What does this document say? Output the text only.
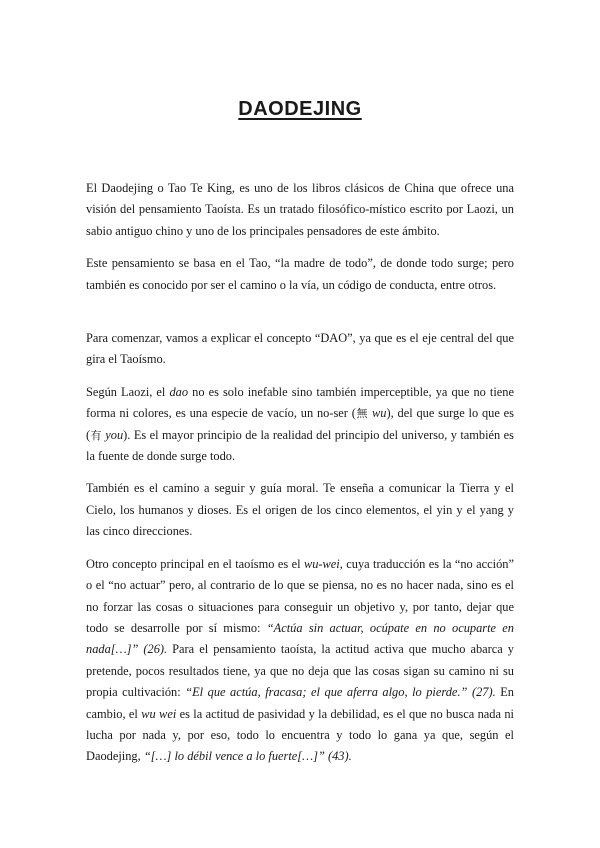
DAODEJING

El Daodejing o Tao Te King, es uno de los libros clásicos de China que ofrece una visión del pensamiento Taoísta. Es un tratado filosófico-místico escrito por Laozi, un sabio antiguo chino y uno de los principales pensadores de este ámbito.

Este pensamiento se basa en el Tao, “la madre de todo”, de donde todo surge; pero también es conocido por ser el camino o la vía, un código de conducta, entre otros.

Para comenzar, vamos a explicar el concepto “DAO”, ya que es el eje central del que gira el Taoísmo.

Según Laozi, el dao no es solo inefable sino también imperceptible, ya que no tiene forma ni colores, es una especie de vacío, un no-ser (無 wu), del que surge lo que es (有 you). Es el mayor principio de la realidad del principio del universo, y también es la fuente de donde surge todo.

También es el camino a seguir y guía moral. Te enseña a comunicar la Tierra y el Cielo, los humanos y dioses. Es el origen de los cinco elementos, el yin y el yang y las cinco direcciones.

Otro concepto principal en el taoísmo es el wu-wei, cuya traducción es la “no acción” o el “no actuar” pero, al contrario de lo que se piensa, no es no hacer nada, sino es el no forzar las cosas o situaciones para conseguir un objetivo y, por tanto, dejar que todo se desarrolle por sí mismo: “Actúa sin actuar, ocúpate en no ocuparte en nada[…]” (26). Para el pensamiento taoísta, la actitud activa que mucho abarca y pretende, pocos resultados tiene, ya que no deja que las cosas sigan su camino ni su propia cultivación: “El que actúa, fracasa; el que aferra algo, lo pierde.” (27). En cambio, el wu wei es la actitud de pasividad y la debilidad, es el que no busca nada ni lucha por nada y, por eso, todo lo encuentra y todo lo gana ya que, según el Daodejing, “[…] lo débil vence a lo fuerte[…]” (43).
